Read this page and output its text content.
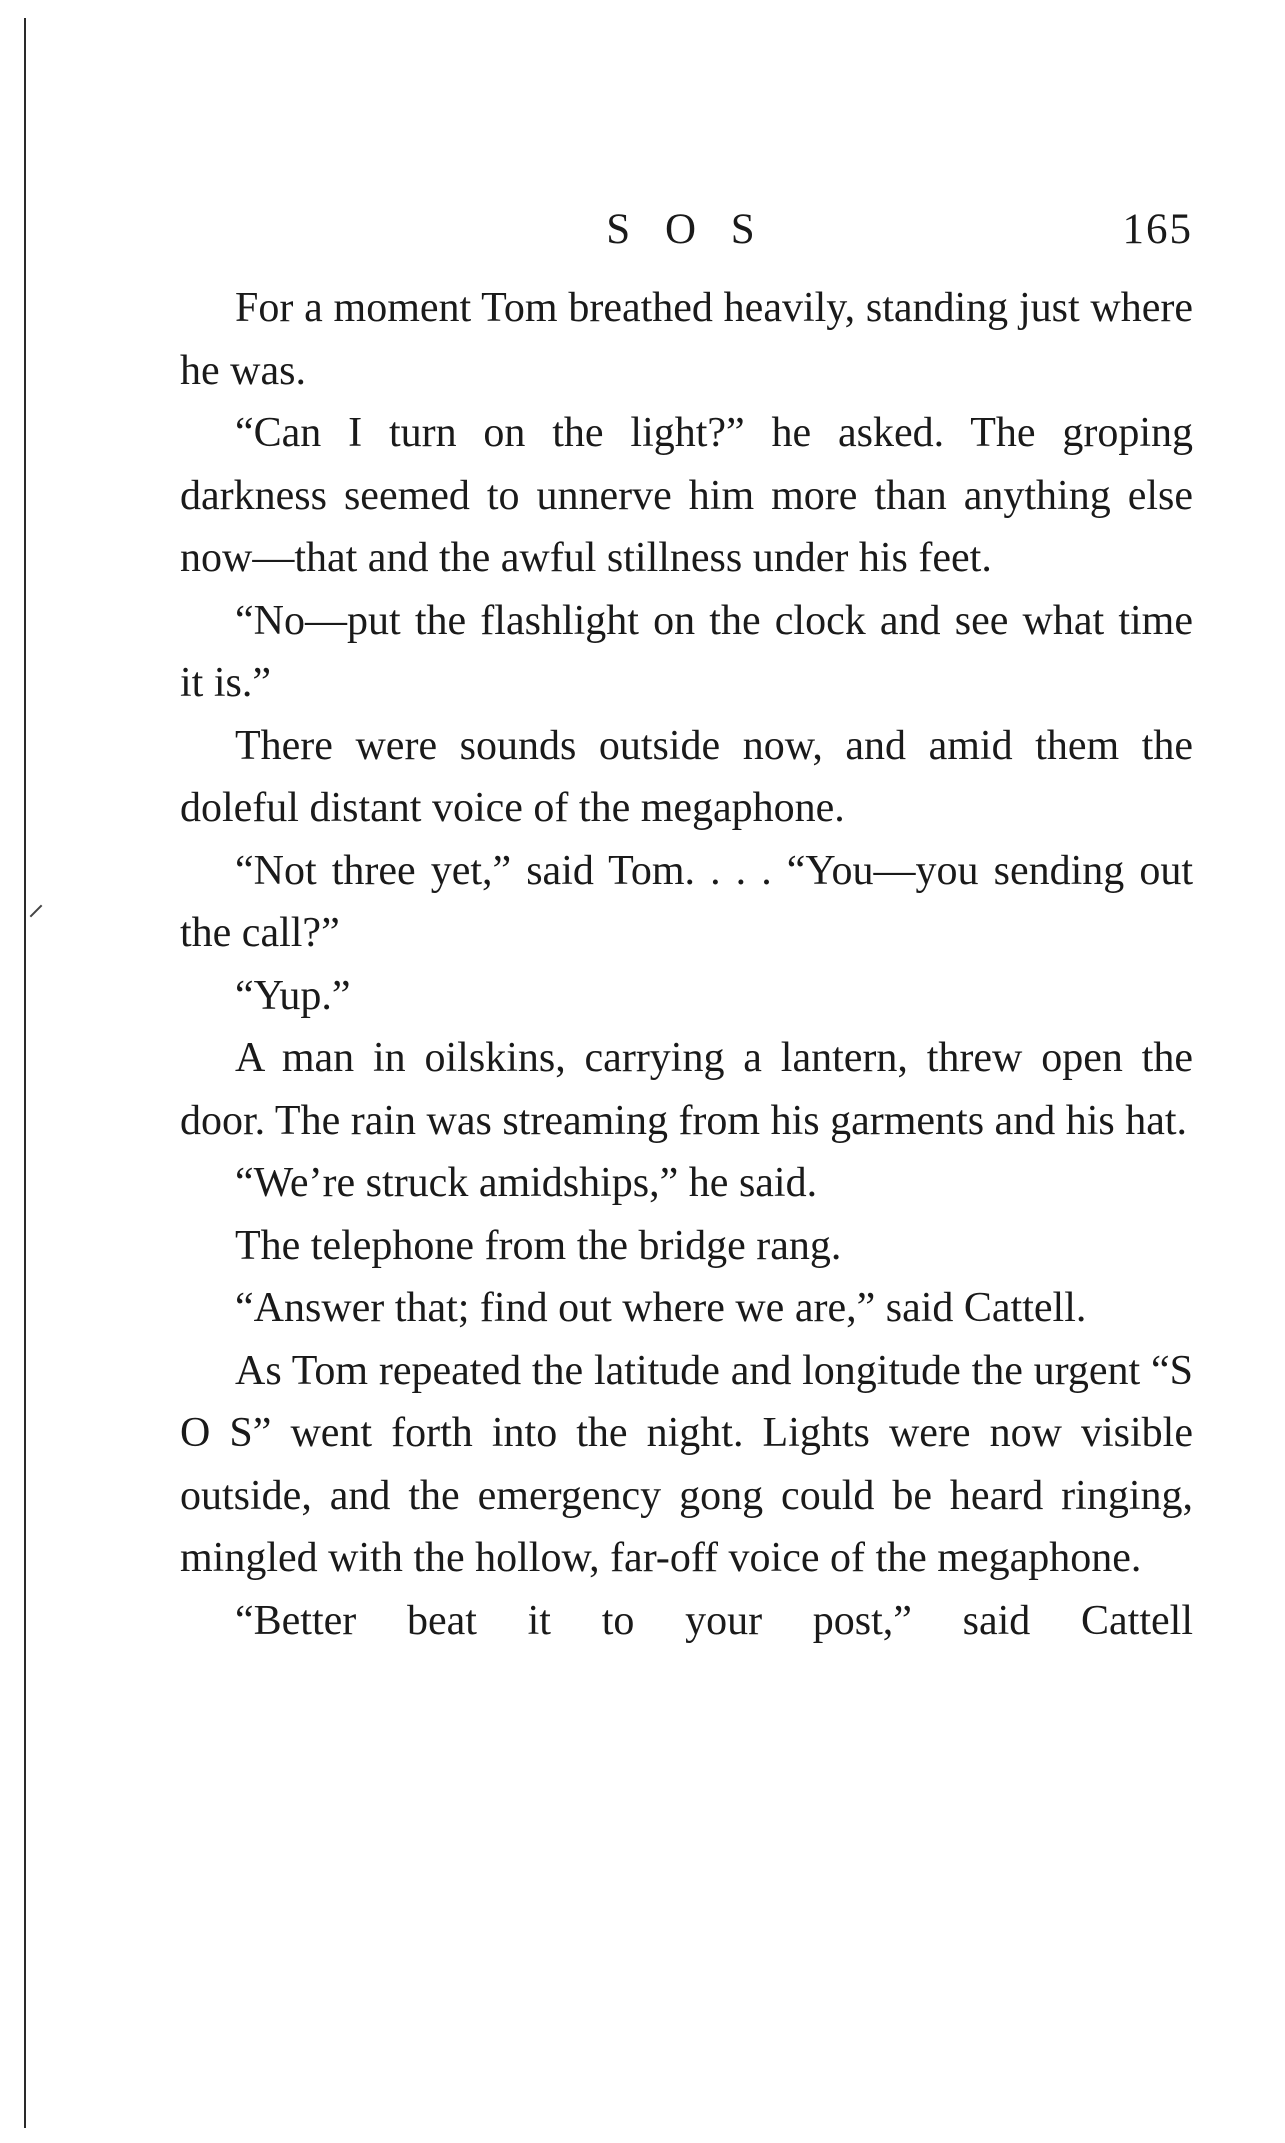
S O S	165

For a moment Tom breathed heavily, standing just where he was.

“Can I turn on the light?” he asked. The groping darkness seemed to unnerve him more than anything else now—that and the awful stillness under his feet.

“No—put the flashlight on the clock and see what time it is.”

There were sounds outside now, and amid them the doleful distant voice of the megaphone.

“Not three yet,” said Tom. . . . “You—you sending out the call?”

“Yup.”

A man in oilskins, carrying a lantern, threw open the door. The rain was streaming from his garments and his hat.

“We’re struck amidships,” he said.

The telephone from the bridge rang.

“Answer that; find out where we are,” said Cattell.

As Tom repeated the latitude and longitude the urgent “S O S” went forth into the night. Lights were now visible outside, and the emergency gong could be heard ringing, mingled with the hollow, far-off voice of the megaphone.

“Better beat it to your post,” said Cattell
